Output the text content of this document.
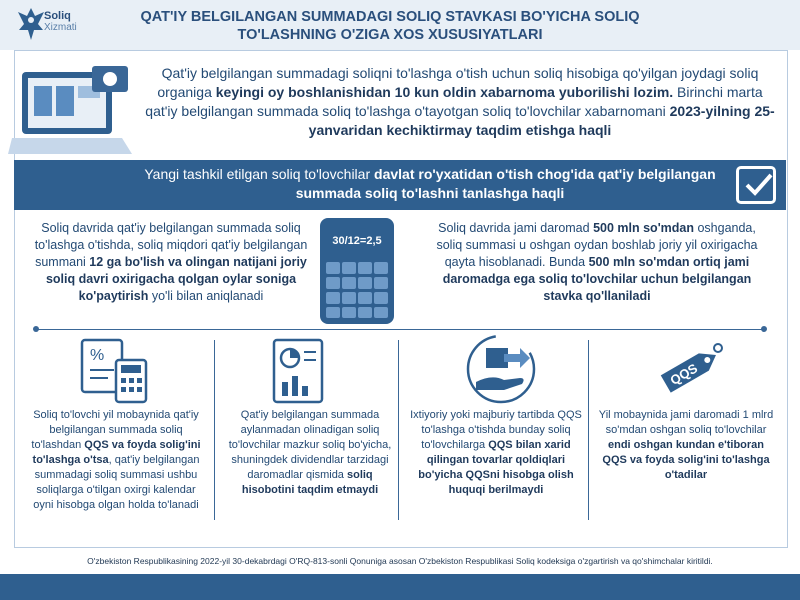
Soliq
Xizmati
QAT'IY BELGILANGAN SUMMADAGI SOLIQ STAVKASI BO'YICHA SOLIQ
TO'LASHNING O'ZIGA XOS XUSUSIYATLARI
Qat'iy belgilangan summadagi soliqni to'lashga o'tish uchun soliq hisobiga qo'yilgan joydagi soliq organiga keyingi oy boshlanishidan 10 kun oldin xabarnoma yuborilishi lozim. Birinchi marta qat'iy belgilangan summada soliq to'lashga o'tayotgan soliq to'lovchilar xabarnomani 2023-yilning 25-yanvaridan kechiktirmay taqdim etishga haqli
Yangi tashkil etilgan soliq to'lovchilar davlat ro'yxatidan o'tish chog'ida qat'iy belgilangan summada soliq to'lashni tanlashga haqli
Soliq davrida qat'iy belgilangan summada soliq to'lashga o'tishda, soliq miqdori qat'iy belgilangan summani 12 ga bo'lish va olingan natijani joriy soliq davri oxirigacha qolgan oylar soniga ko'paytirish yo'li bilan aniqlanadi
30/12=2,5
Soliq davrida jami daromad 500 mln so'mdan oshganda, soliq summasi u oshgan oydan boshlab joriy yil oxirigacha qayta hisoblanadi. Bunda 500 mln so'mdan ortiq jami daromadga ega soliq to'lovchilar uchun belgilangan stavka qo'llaniladi
%
QQS
Soliq to'lovchi yil mobaynida qat'iy belgilangan summada soliq to'lashdan QQS va foyda solig'ini to'lashga o'tsa, qat'iy belgilangan summadagi soliq summasi ushbu soliqlarga o'tilgan oxirgi kalendar oyni hisobga olgan holda to'lanadi
Qat'iy belgilangan summada aylanmadan olinadigan soliq to'lovchilar mazkur soliq bo'yicha, shuningdek dividendlar tarzidagi daromadlar qismida soliq hisobotini taqdim etmaydi
Ixtiyoriy yoki majburiy tartibda QQS to'lashga o'tishda bunday soliq to'lovchilarga QQS bilan xarid qilingan tovarlar qoldiqlari bo'yicha QQSni hisobga olish huquqi berilmaydi
Yil mobaynida jami daromadi 1 mlrd so'mdan oshgan soliq to'lovchilar endi oshgan kundan e'tiboran QQS va foyda solig'ini to'lashga o'tadilar
O'zbekiston Respublikasining 2022-yil 30-dekabrdagi O'RQ-813-sonli Qonuniga asosan O'zbekiston Respublikasi Soliq kodeksiga o'zgartirish va qo'shimchalar kiritildi.
